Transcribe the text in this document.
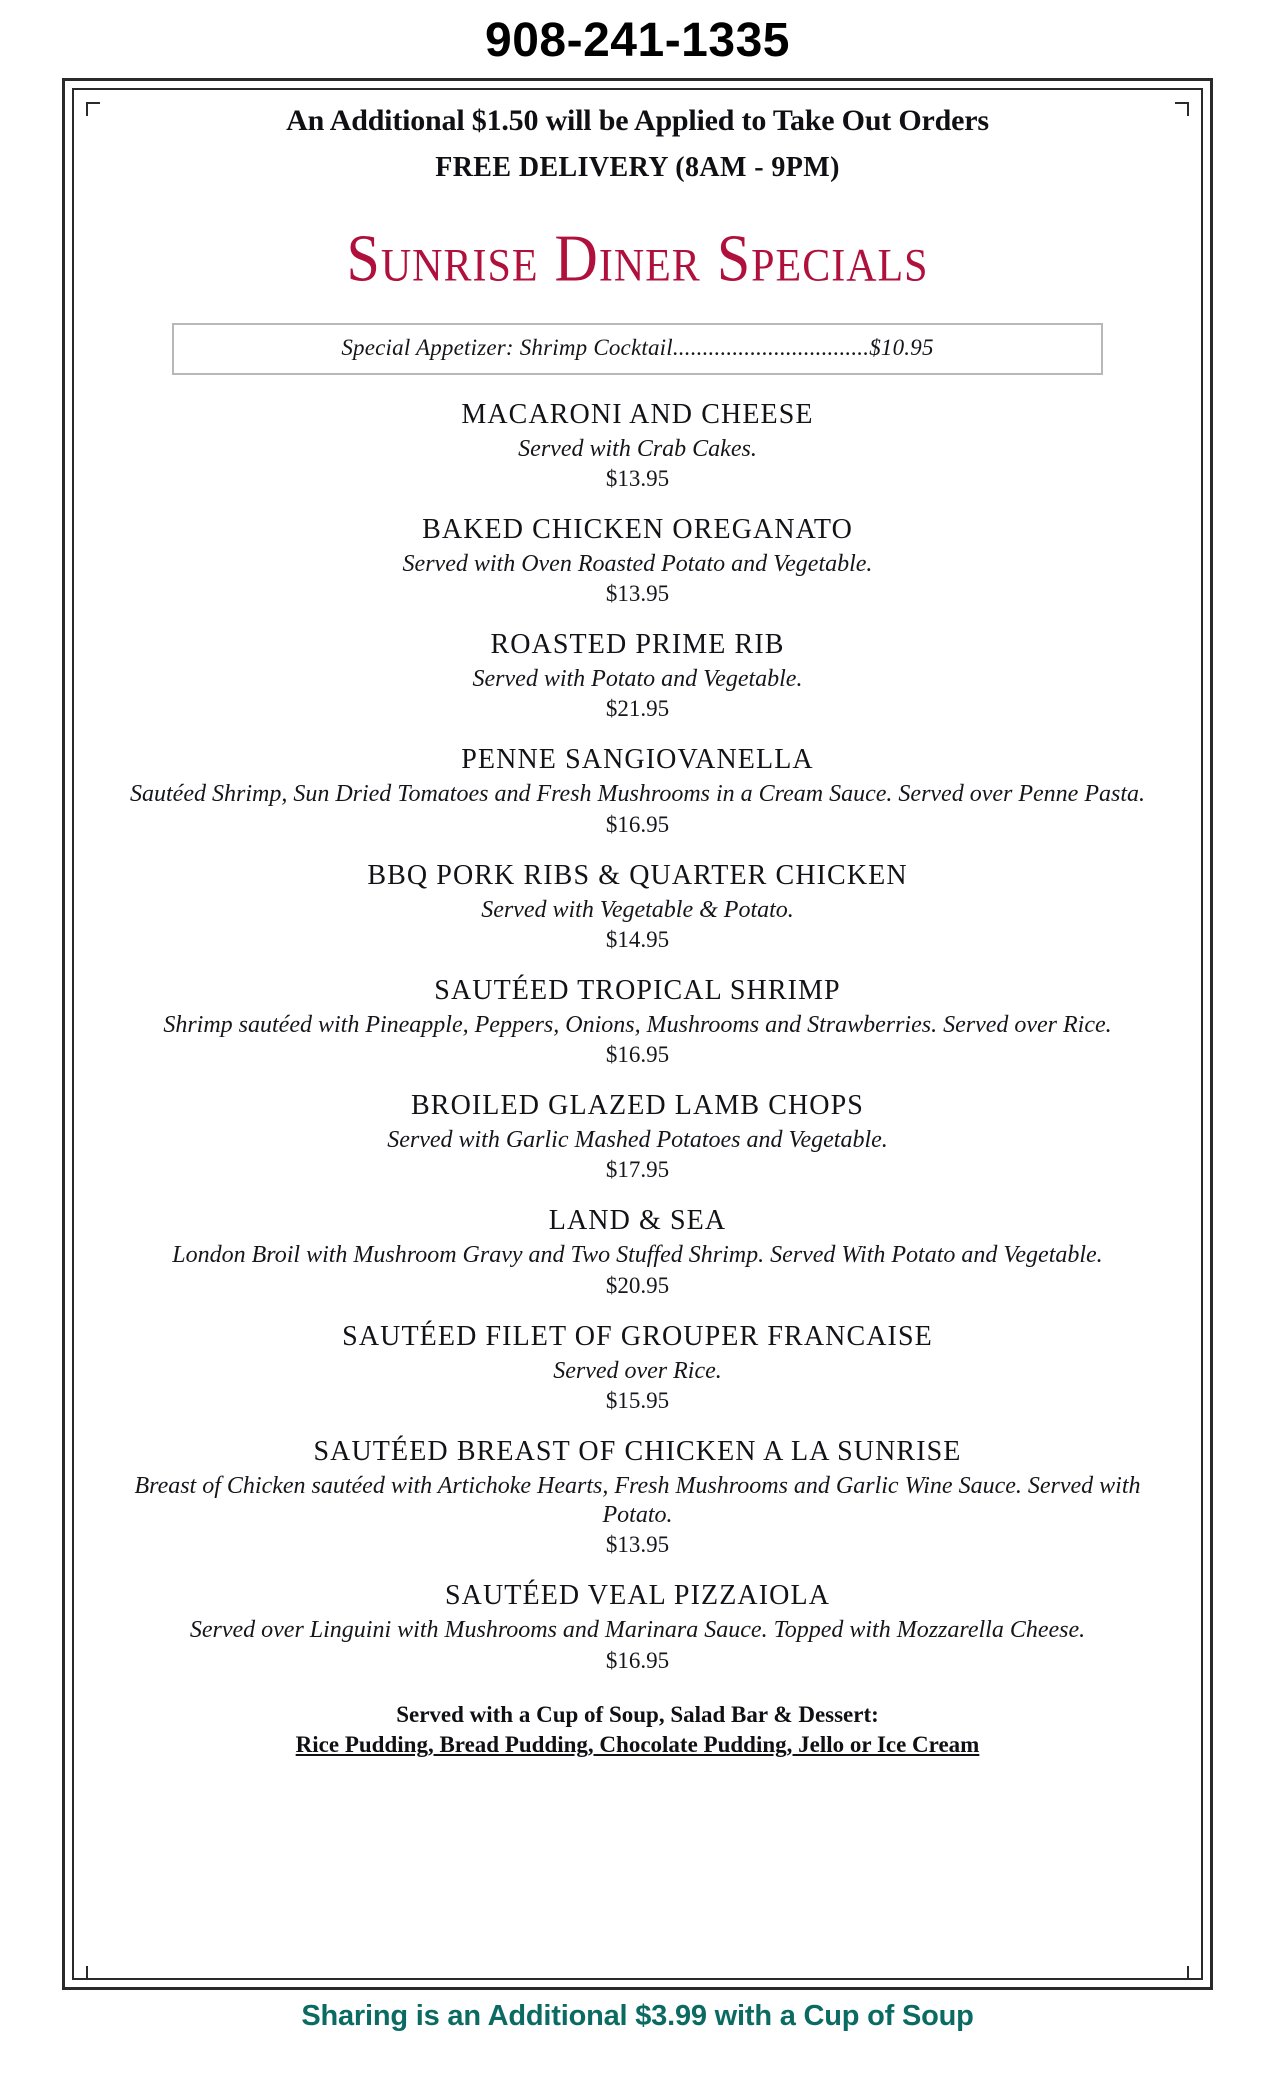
908-241-1335
An Additional $1.50 will be Applied to Take Out Orders
FREE DELIVERY (8AM - 9PM)
Sunrise Diner Specials
Special Appetizer: Shrimp Cocktail.................................$10.95
MACARONI AND CHEESE
Served with Crab Cakes.
$13.95
BAKED CHICKEN OREGANATO
Served with Oven Roasted Potato and Vegetable.
$13.95
ROASTED PRIME RIB
Served with Potato and Vegetable.
$21.95
PENNE SANGIOVANELLA
Sautéed Shrimp, Sun Dried Tomatoes and Fresh Mushrooms in a Cream Sauce. Served over Penne Pasta.
$16.95
BBQ PORK RIBS & QUARTER CHICKEN
Served with Vegetable & Potato.
$14.95
SAUTÉED TROPICAL SHRIMP
Shrimp sautéed with Pineapple, Peppers, Onions, Mushrooms and Strawberries. Served over Rice.
$16.95
BROILED GLAZED LAMB CHOPS
Served with Garlic Mashed Potatoes and Vegetable.
$17.95
LAND & SEA
London Broil with Mushroom Gravy and Two Stuffed Shrimp. Served With Potato and Vegetable.
$20.95
SAUTÉED FILET OF GROUPER FRANCAISE
Served over Rice.
$15.95
SAUTÉED BREAST OF CHICKEN A LA SUNRISE
Breast of Chicken sautéed with Artichoke Hearts, Fresh Mushrooms and Garlic Wine Sauce. Served with Potato.
$13.95
SAUTÉED VEAL PIZZAIOLA
Served over Linguini with Mushrooms and Marinara Sauce. Topped with Mozzarella Cheese.
$16.95
Served with a Cup of Soup, Salad Bar & Dessert:
Rice Pudding, Bread Pudding, Chocolate Pudding, Jello or Ice Cream
Sharing is an Additional $3.99 with a Cup of Soup
